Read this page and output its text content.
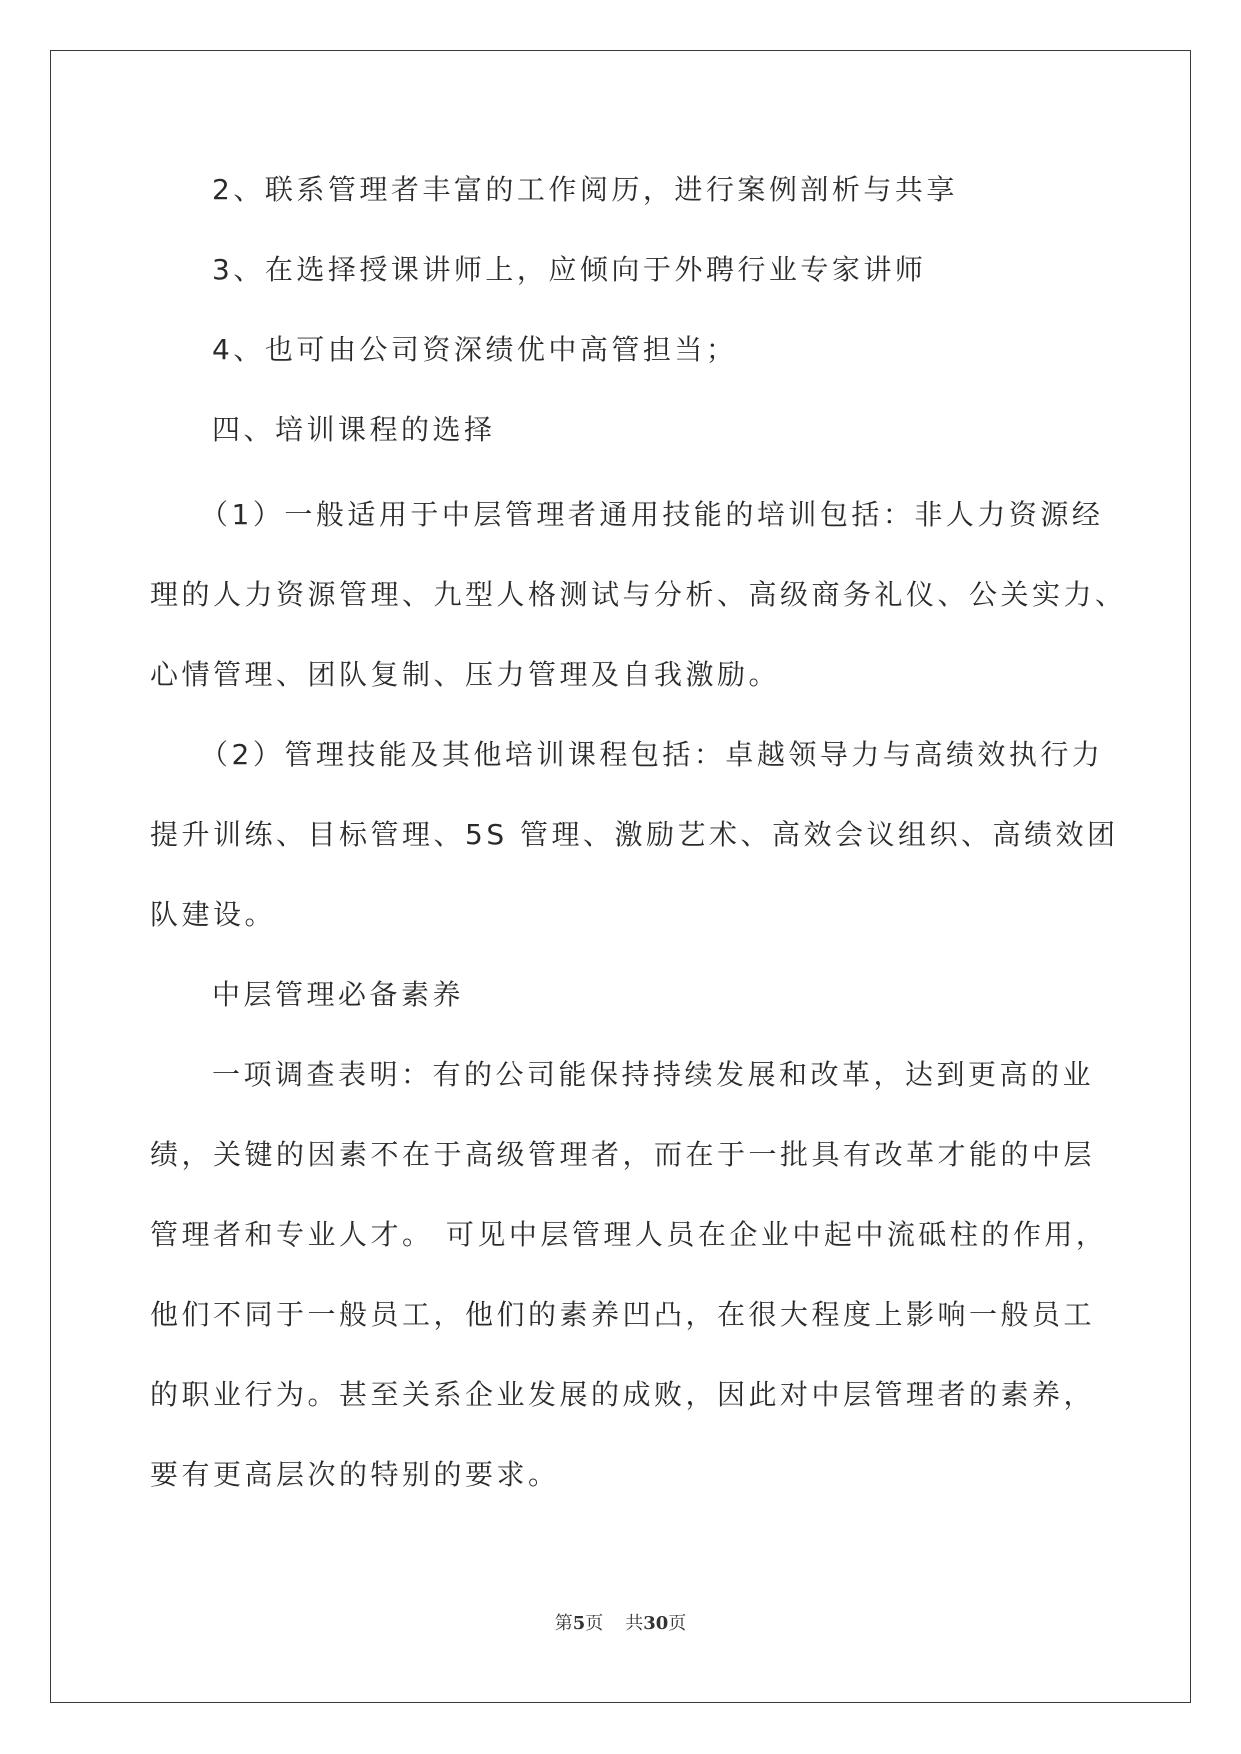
2、联系管理者丰富的工作阅历，进行案例剖析与共享
3、在选择授课讲师上，应倾向于外聘行业专家讲师
4、也可由公司资深绩优中高管担当；
四、培训课程的选择
（1）一般适用于中层管理者通用技能的培训包括：非人力资源经
理的人力资源管理、九型人格测试与分析、高级商务礼仪、公关实力、
心情管理、团队复制、压力管理及自我激励。
（2）管理技能及其他培训课程包括：卓越领导力与高绩效执行力
提升训练、目标管理、5S 管理、激励艺术、高效会议组织、高绩效团
队建设。
中层管理必备素养
一项调查表明：有的公司能保持持续发展和改革，达到更高的业
绩，关键的因素不在于高级管理者，而在于一批具有改革才能的中层
管理者和专业人才。 可见中层管理人员在企业中起中流砥柱的作用，
他们不同于一般员工，他们的素养凹凸，在很大程度上影响一般员工
的职业行为。甚至关系企业发展的成败，因此对中层管理者的素养，
要有更高层次的特别的要求。
第5页 共30页
